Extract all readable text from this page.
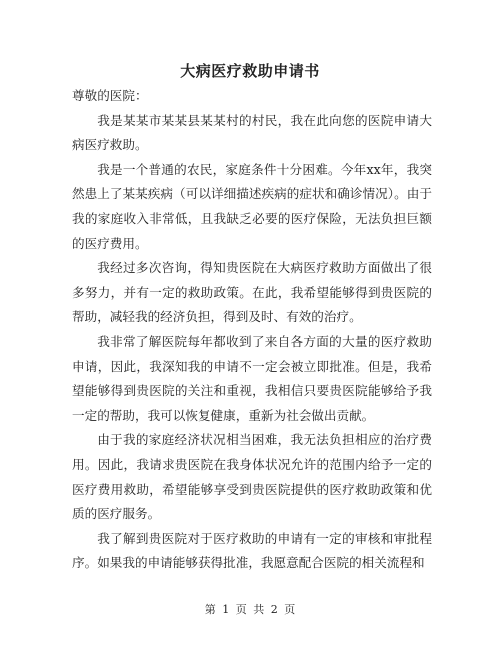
大病医疗救助申请书

尊敬的医院：

我是某某市某某县某某村的村民，我在此向您的医院申请大病医疗救助。

我是一个普通的农民，家庭条件十分困难。今年xx年，我突然患上了某某疾病（可以详细描述疾病的症状和确诊情况）。由于我的家庭收入非常低，且我缺乏必要的医疗保险，无法负担巨额的医疗费用。

我经过多次咨询，得知贵医院在大病医疗救助方面做出了很多努力，并有一定的救助政策。在此，我希望能够得到贵医院的帮助，减轻我的经济负担，得到及时、有效的治疗。

我非常了解医院每年都收到了来自各方面的大量的医疗救助申请，因此，我深知我的申请不一定会被立即批准。但是，我希望能够得到贵医院的关注和重视，我相信只要贵医院能够给予我一定的帮助，我可以恢复健康，重新为社会做出贡献。

由于我的家庭经济状况相当困难，我无法负担相应的治疗费用。因此，我请求贵医院在我身体状况允许的范围内给予一定的医疗费用救助，希望能够享受到贵医院提供的医疗救助政策和优质的医疗服务。

我了解到贵医院对于医疗救助的申请有一定的审核和审批程序。如果我的申请能够获得批准，我愿意配合医院的相关流程和

第 1 页 共 2 页
